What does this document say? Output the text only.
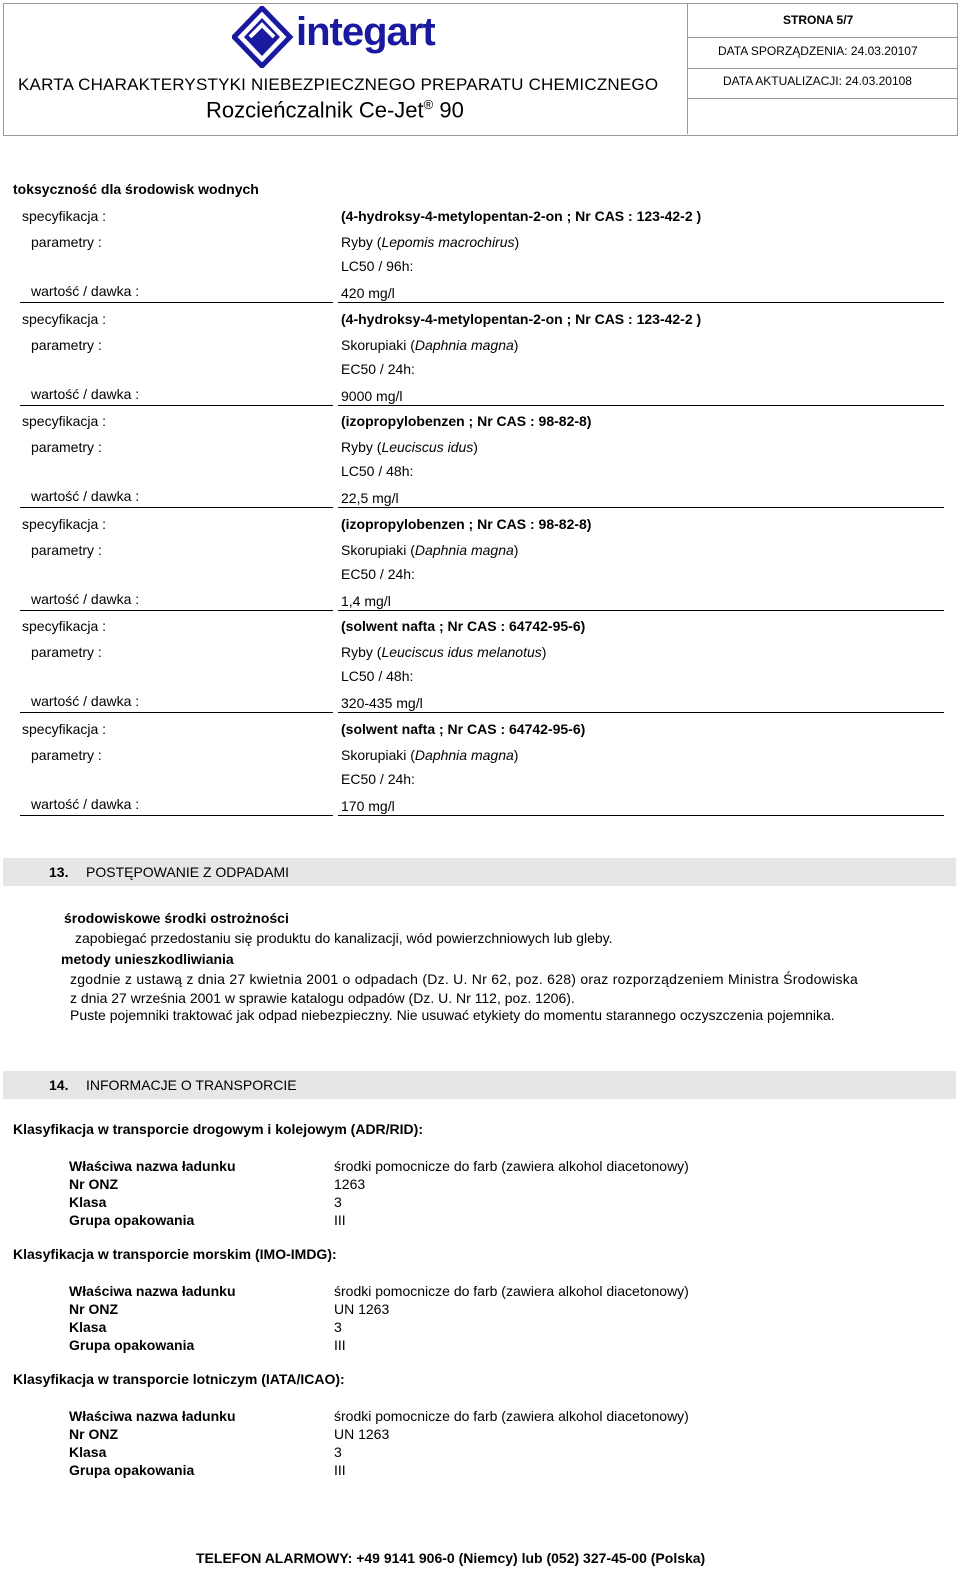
integart
KARTA CHARAKTERYSTYKI NIEBEZPIECZNEGO PREPARATU CHEMICZNEGO
Rozcieńczalnik Ce-Jet® 90
STRONA 5/7
DATA SPORZĄDZENIA: 24.03.20107
DATA AKTUALIZACJI: 24.03.20108
toksyczność dla środowisk wodnych
specyfikacja :	(4-hydroksy-4-metylopentan-2-on ; Nr CAS : 123-42-2 )
parametry :	Ryby (Lepomis macrochirus)
LC50 / 96h:
wartość / dawka :	420 mg/l
specyfikacja :	(4-hydroksy-4-metylopentan-2-on ; Nr CAS : 123-42-2 )
parametry :	Skorupiaki (Daphnia magna)
EC50 / 24h:
wartość / dawka :	9000 mg/l
specyfikacja :	(izopropylobenzen ; Nr CAS : 98-82-8)
parametry :	Ryby (Leuciscus idus)
LC50 / 48h:
wartość / dawka :	22,5 mg/l
specyfikacja :	(izopropylobenzen ; Nr CAS : 98-82-8)
parametry :	Skorupiaki (Daphnia magna)
EC50 / 24h:
wartość / dawka :	1,4 mg/l
specyfikacja :	(solwent nafta ; Nr CAS : 64742-95-6)
parametry :	Ryby (Leuciscus idus melanotus)
LC50 / 48h:
wartość / dawka :	320-435 mg/l
specyfikacja :	(solwent nafta ; Nr CAS : 64742-95-6)
parametry :	Skorupiaki (Daphnia magna)
EC50 / 24h:
wartość / dawka :	170 mg/l
13. POSTĘPOWANIE Z ODPADAMI
środowiskowe środki ostrożności
zapobiegać przedostaniu się produktu do kanalizacji, wód powierzchniowych lub gleby.
metody unieszkodliwiania
zgodnie z ustawą z dnia 27 kwietnia 2001 o odpadach (Dz. U. Nr 62, poz. 628) oraz rozporządzeniem Ministra Środowiska
z dnia 27 września 2001 w sprawie katalogu odpadów (Dz. U. Nr 112, poz. 1206).
Puste pojemniki traktować jak odpad niebezpieczny. Nie usuwać etykiety do momentu starannego oczyszczenia pojemnika.
14. INFORMACJE O TRANSPORCIE
Klasyfikacja w transporcie drogowym i kolejowym (ADR/RID):
Właściwa nazwa ładunku	środki pomocnicze do farb (zawiera alkohol diacetonowy)
Nr ONZ	1263
Klasa	3
Grupa opakowania	III
Klasyfikacja w transporcie morskim (IMO-IMDG):
Właściwa nazwa ładunku	środki pomocnicze do farb (zawiera alkohol diacetonowy)
Nr ONZ	UN 1263
Klasa	3
Grupa opakowania	III
Klasyfikacja w transporcie lotniczym (IATA/ICAO):
Właściwa nazwa ładunku	środki pomocnicze do farb (zawiera alkohol diacetonowy)
Nr ONZ	UN 1263
Klasa	3
Grupa opakowania	III
TELEFON ALARMOWY: +49 9141 906-0 (Niemcy) lub (052) 327-45-00 (Polska)
